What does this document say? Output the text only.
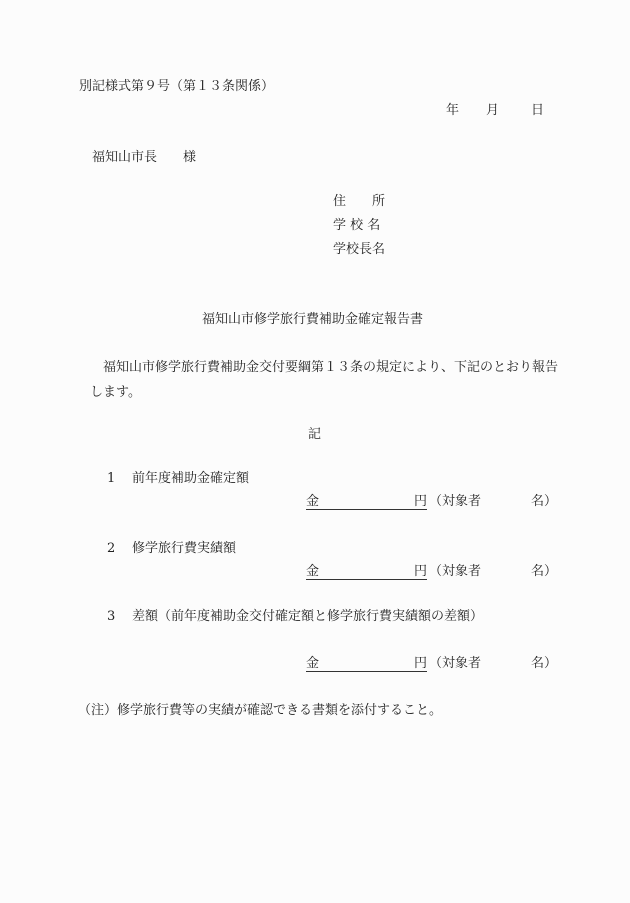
別記様式第９号（第１３条関係）
年 月 日
福知山市長 様
住　　所
学 校 名
学校長名
福知山市修学旅行費補助金確定報告書
福知山市修学旅行費補助金交付要綱第１３条の規定により、下記のとおり報告します。
記
1 前年度補助金確定額
金	円 （対象者	名）
2 修学旅行費実績額
金	円 （対象者	名）
3 差額（前年度補助金交付確定額と修学旅行費実績額の差額）
金	円 （対象者	名）
（注）修学旅行費等の実績が確認できる書類を添付すること。
